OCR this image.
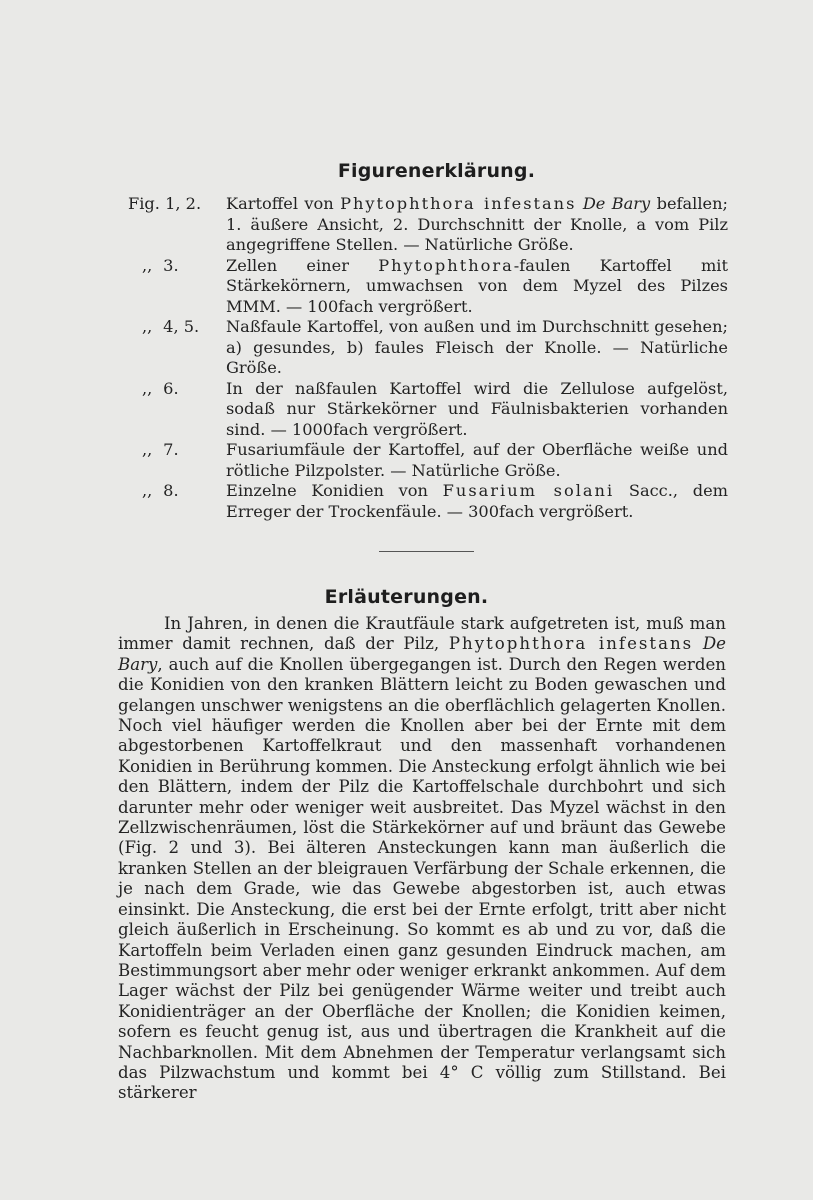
Figurenerklärung.
Fig. 1, 2.	Kartoffel von Phytophthora infestans De Bary befallen; 1. äußere Ansicht, 2. Durchschnitt der Knolle, a vom Pilz angegriffene Stellen. — Natürliche Größe.
,, 3.	Zellen einer Phytophthora-faulen Kartoffel mit Stärkekörnern, umwachsen von dem Myzel des Pilzes MMM. — 100fach vergrößert.
,, 4, 5.	Naßfaule Kartoffel, von außen und im Durchschnitt gesehen; a) gesundes, b) faules Fleisch der Knolle. — Natürliche Größe.
,, 6.	In der naßfaulen Kartoffel wird die Zellulose aufgelöst, sodaß nur Stärkekörner und Fäulnisbakterien vorhanden sind. — 1000fach vergrößert.
,, 7.	Fusariumfäule der Kartoffel, auf der Oberfläche weiße und rötliche Pilzpolster. — Natürliche Größe.
,, 8.	Einzelne Konidien von Fusarium solani Sacc., dem Erreger der Trockenfäule. — 300fach vergrößert.
Erläuterungen.

In Jahren, in denen die Krautfäule stark aufgetreten ist, muß man immer damit rechnen, daß der Pilz, Phytophthora infestans De Bary, auch auf die Knollen übergegangen ist. Durch den Regen werden die Konidien von den kranken Blättern leicht zu Boden gewaschen und gelangen unschwer wenigstens an die oberflächlich gelagerten Knollen. Noch viel häufiger werden die Knollen aber bei der Ernte mit dem abgestorbenen Kartoffelkraut und den massenhaft vorhandenen Konidien in Berührung kommen. Die Ansteckung erfolgt ähnlich wie bei den Blättern, indem der Pilz die Kartoffelschale durchbohrt und sich darunter mehr oder weniger weit ausbreitet. Das Myzel wächst in den Zellzwischenräumen, löst die Stärkekörner auf und bräunt das Gewebe (Fig. 2 und 3). Bei älteren Ansteckungen kann man äußerlich die kranken Stellen an der bleigrauen Verfärbung der Schale erkennen, die je nach dem Grade, wie das Gewebe abgestorben ist, auch etwas einsinkt. Die Ansteckung, die erst bei der Ernte erfolgt, tritt aber nicht gleich äußerlich in Erscheinung. So kommt es ab und zu vor, daß die Kartoffeln beim Verladen einen ganz gesunden Eindruck machen, am Bestimmungsort aber mehr oder weniger erkrankt ankommen. Auf dem Lager wächst der Pilz bei genügender Wärme weiter und treibt auch Konidienträger an der Oberfläche der Knollen; die Konidien keimen, sofern es feucht genug ist, aus und übertragen die Krankheit auf die Nachbarknollen. Mit dem Abnehmen der Temperatur verlangsamt sich das Pilzwachstum und kommt bei 4° C völlig zum Stillstand. Bei stärkerer
